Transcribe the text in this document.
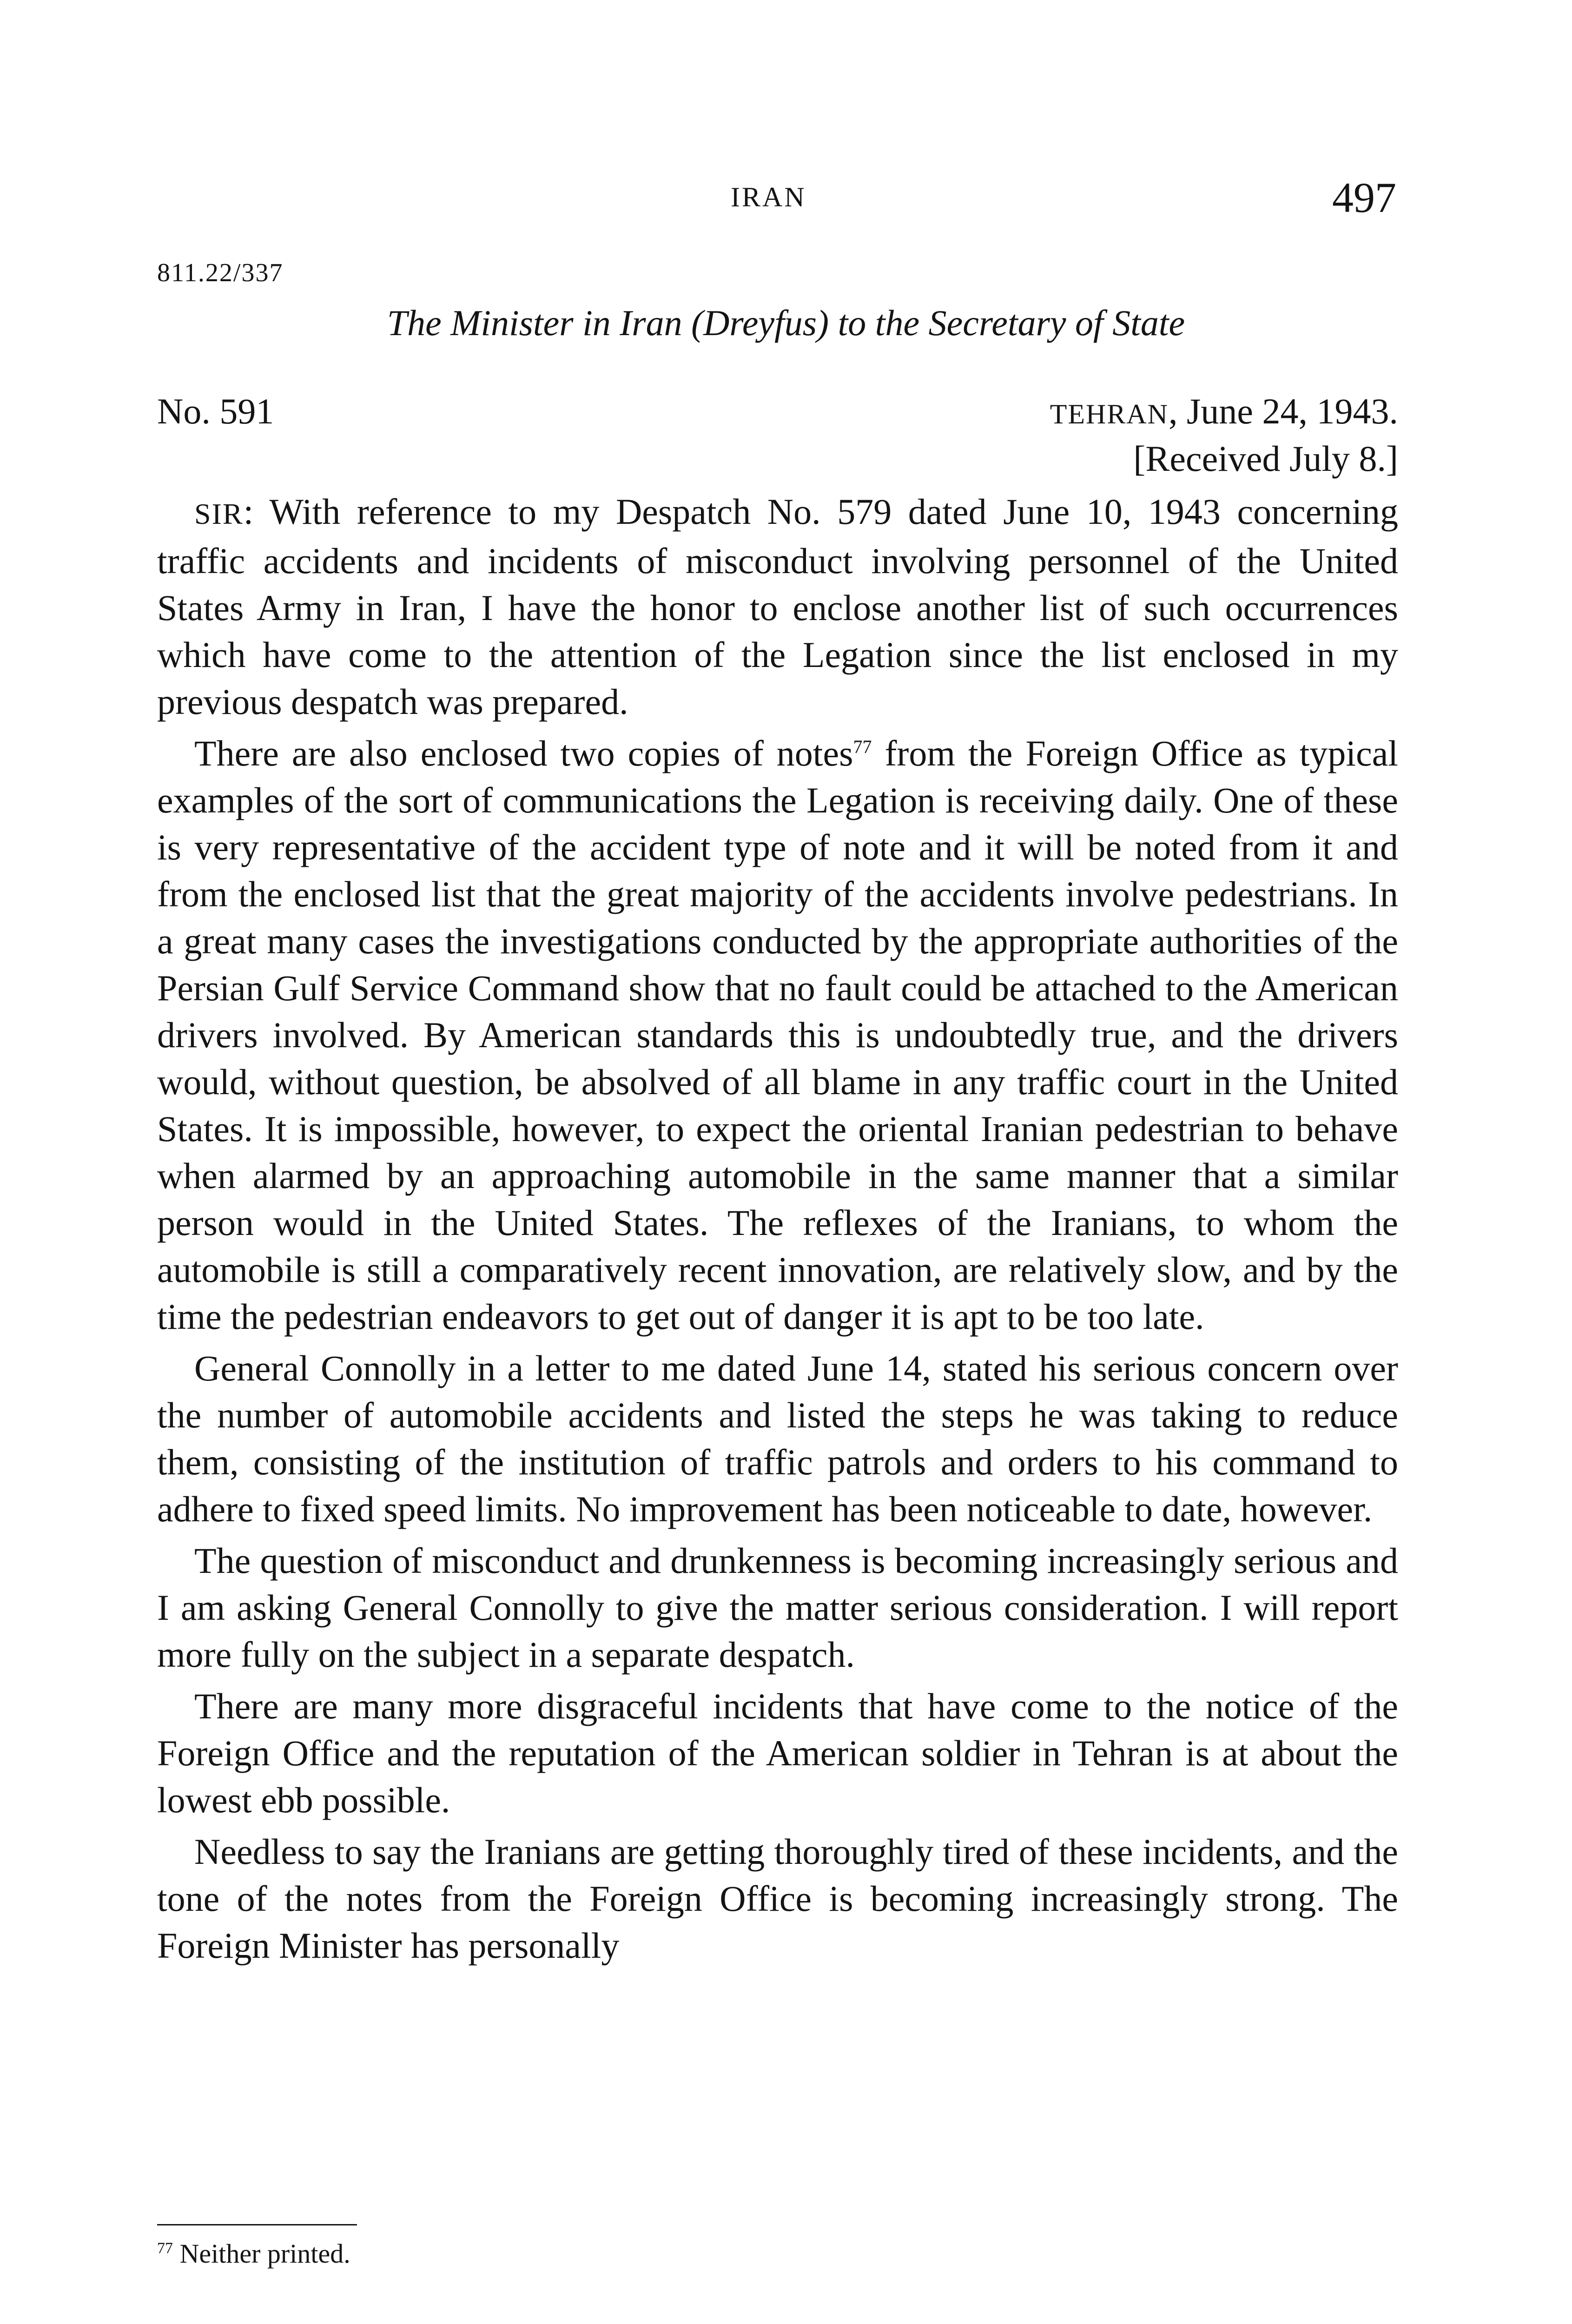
IRAN	497
811.22/337
The Minister in Iran (Dreyfus) to the Secretary of State
No. 591	TEHRAN, June 24, 1943.
[Received July 8.]

SIR: With reference to my Despatch No. 579 dated June 10, 1943 concerning traffic accidents and incidents of misconduct involving personnel of the United States Army in Iran, I have the honor to enclose another list of such occurrences which have come to the attention of the Legation since the list enclosed in my previous despatch was prepared.

There are also enclosed two copies of notes$^{77}$ from the Foreign Office as typical examples of the sort of communications the Legation is receiving daily. One of these is very representative of the accident type of note and it will be noted from it and from the enclosed list that the great majority of the accidents involve pedestrians. In a great many cases the investigations conducted by the appropriate authorities of the Persian Gulf Service Command show that no fault could be attached to the American drivers involved. By American standards this is undoubtedly true, and the drivers would, without question, be absolved of all blame in any traffic court in the United States. It is impossible, however, to expect the oriental Iranian pedestrian to behave when alarmed by an approaching automobile in the same manner that a similar person would in the United States. The reflexes of the Iranians, to whom the automobile is still a comparatively recent innovation, are relatively slow, and by the time the pedestrian endeavors to get out of danger it is apt to be too late.

General Connolly in a letter to me dated June 14, stated his serious concern over the number of automobile accidents and listed the steps he was taking to reduce them, consisting of the institution of traffic patrols and orders to his command to adhere to fixed speed limits. No improvement has been noticeable to date, however.

The question of misconduct and drunkenness is becoming increasingly serious and I am asking General Connolly to give the matter serious consideration. I will report more fully on the subject in a separate despatch.

There are many more disgraceful incidents that have come to the notice of the Foreign Office and the reputation of the American soldier in Tehran is at about the lowest ebb possible.

Needless to say the Iranians are getting thoroughly tired of these incidents, and the tone of the notes from the Foreign Office is becoming increasingly strong. The Foreign Minister has personally

$^{77}$ Neither printed.
